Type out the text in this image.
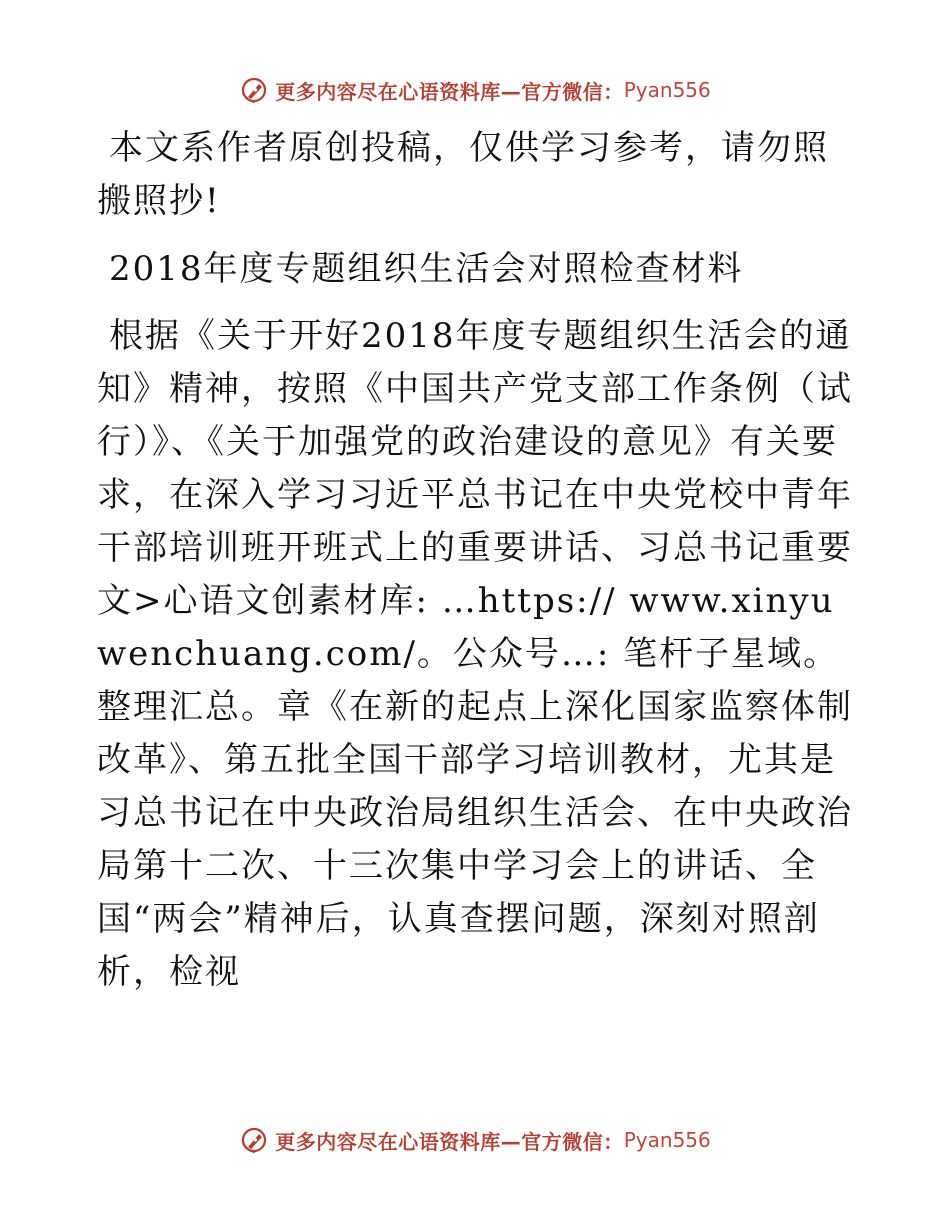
更多内容尽在心语资料库—官方微信： Pyan556

本文系作者原创投稿，仅供学习参考，请勿照搬照抄!

2018年度专题组织生活会对照检查材料

根据《关于开好2018年度专题组织生活会的通知》精神，按照《中国共产党支部工作条例（试行）》、《关于加强党的政治建设的意见》有关要求，在深入学习习近平总书记在中央党校中青年干部培训班开班式上的重要讲话、习总书记重要文>心语文创素材库: …https:// www.xinyuwenchuang.com/。公众号…: 笔杆子星域。整理汇总。章《在新的起点上深化国家监察体制改革》、第五批全国干部学习培训教材，尤其是习总书记在中央政治局组织生活会、在中央政治局第十二次、十三次集中学习会上的讲话、全国“两会”精神后，认真查摆问题，深刻对照剖析，检视

更多内容尽在心语资料库—官方微信： Pyan556
